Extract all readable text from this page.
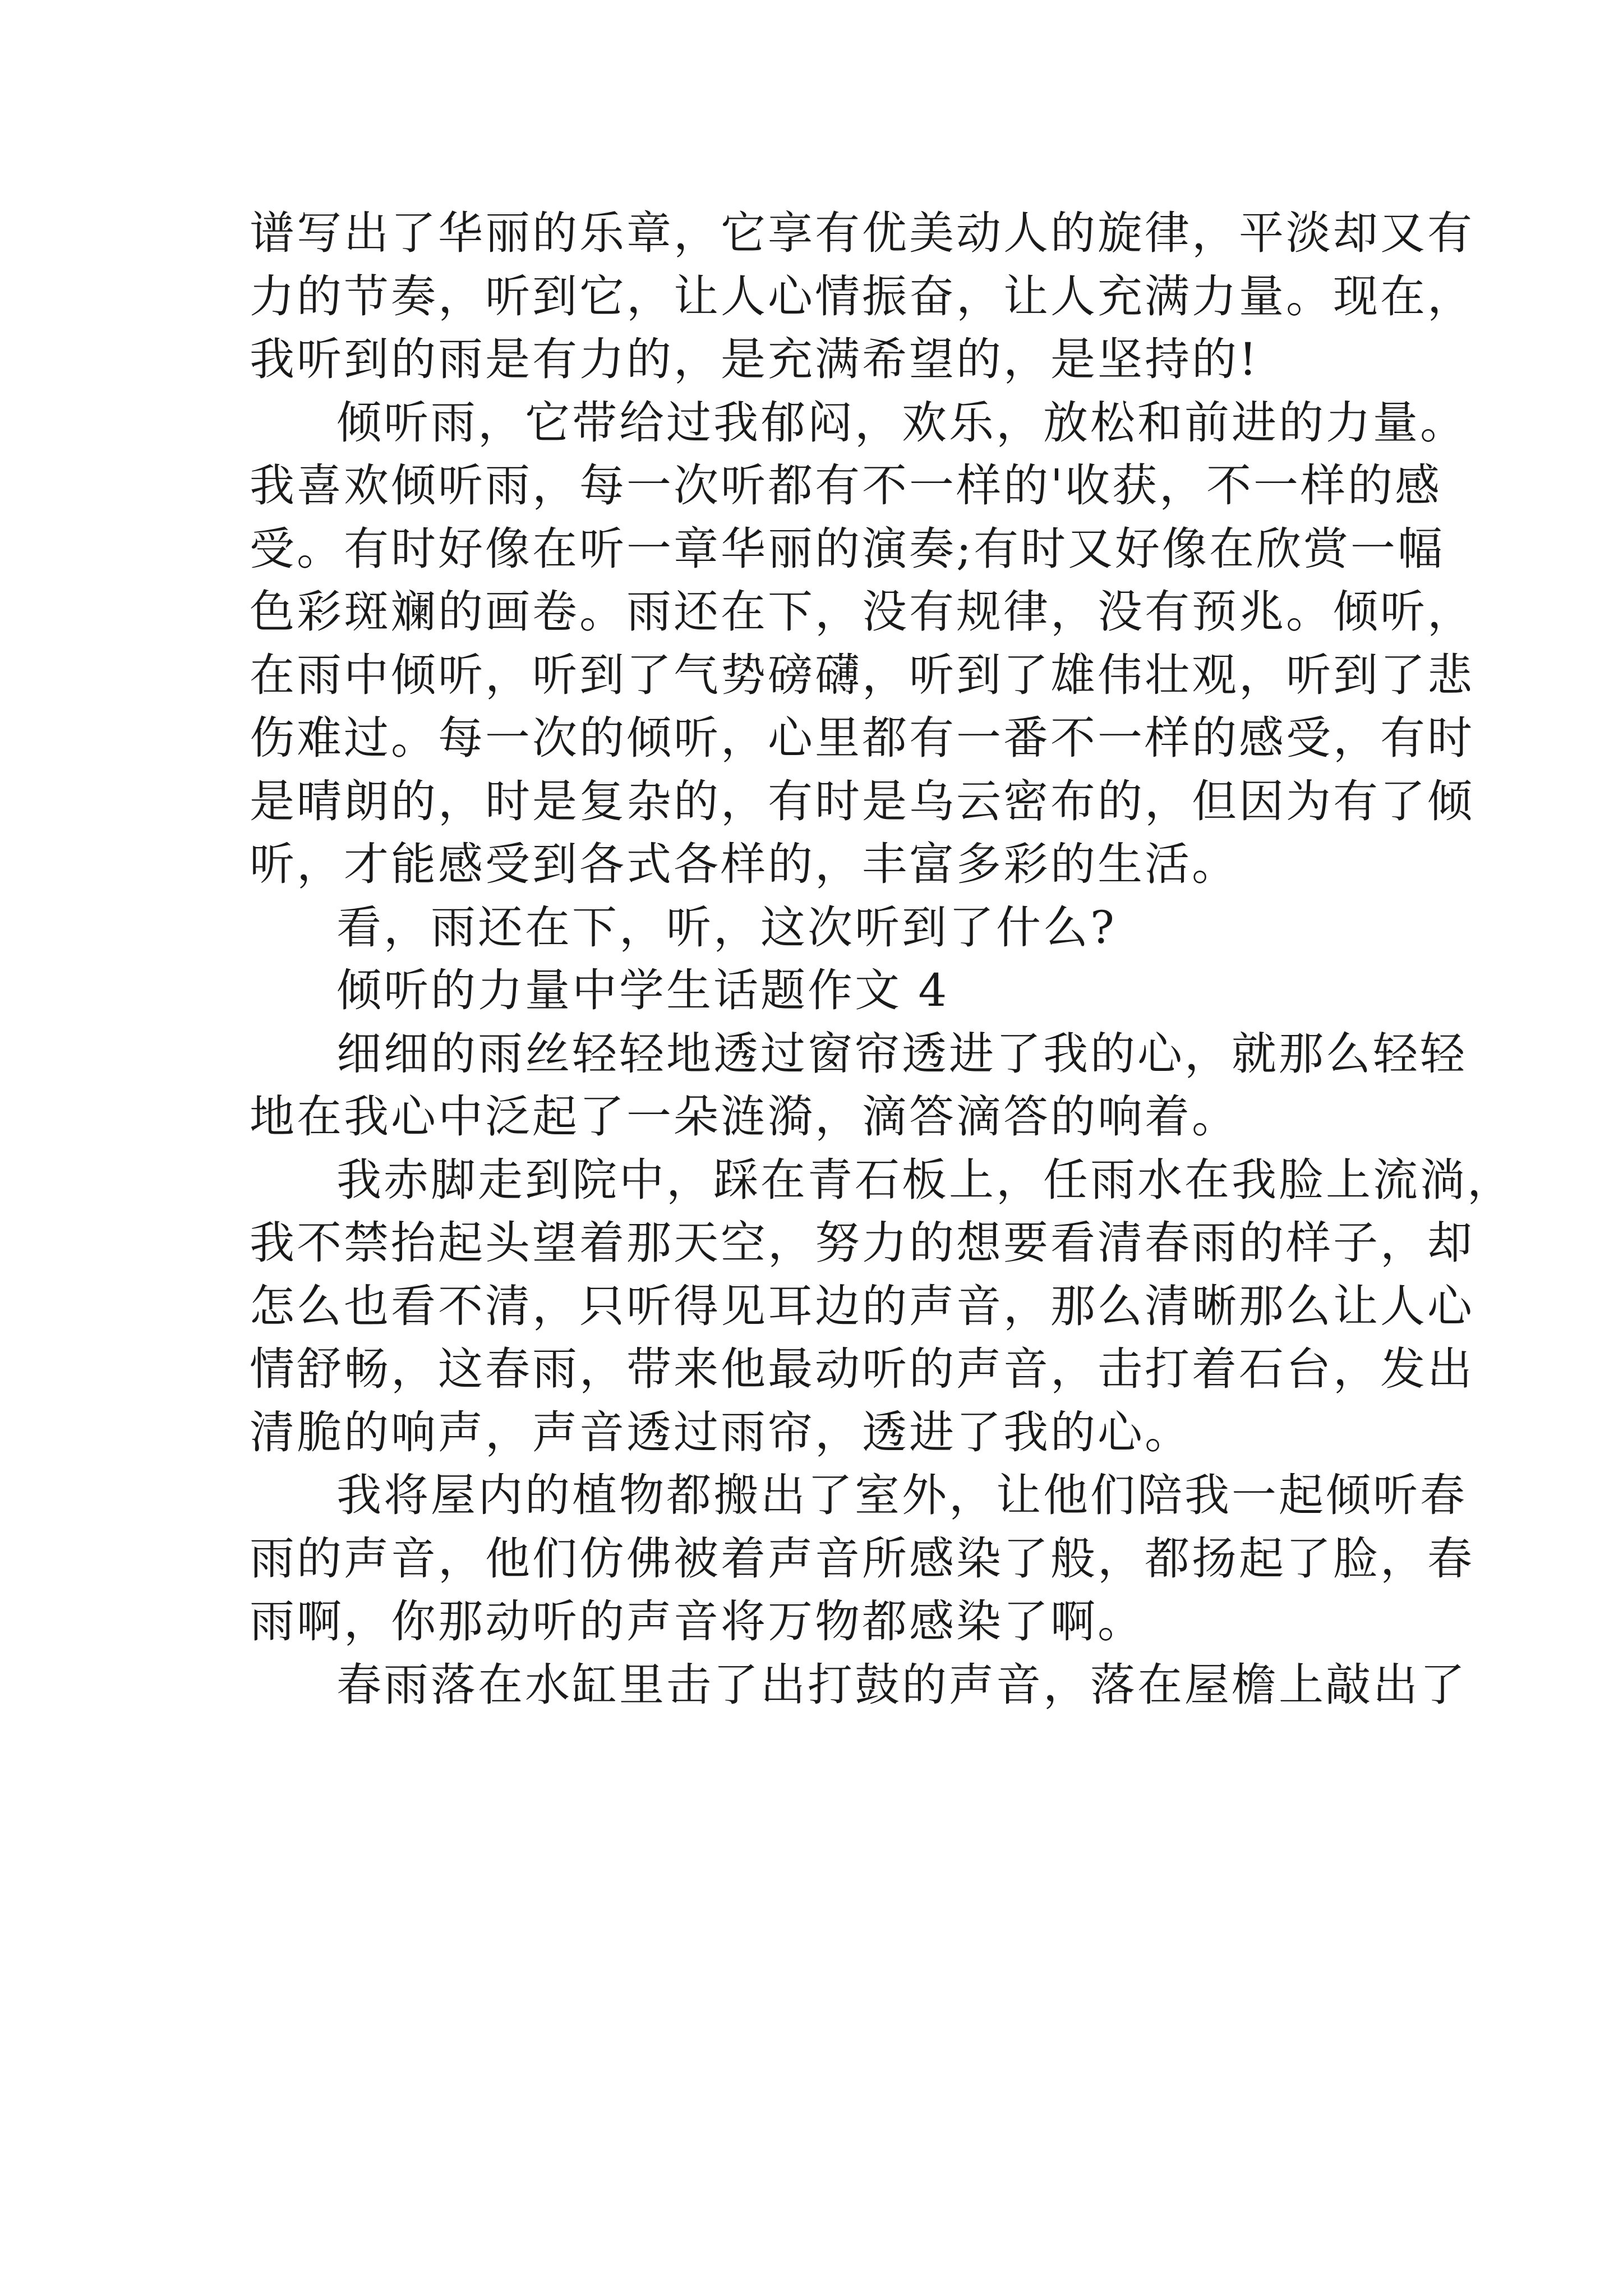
谱写出了华丽的乐章，它享有优美动人的旋律，平淡却又有
力的节奏，听到它，让人心情振奋，让人充满力量。现在，
我听到的雨是有力的，是充满希望的，是坚持的!
倾听雨，它带给过我郁闷，欢乐，放松和前进的力量。
我喜欢倾听雨，每一次听都有不一样的'收获，不一样的感
受。有时好像在听一章华丽的演奏;有时又好像在欣赏一幅
色彩斑斓的画卷。雨还在下，没有规律，没有预兆。倾听，
在雨中倾听，听到了气势磅礴，听到了雄伟壮观，听到了悲
伤难过。每一次的倾听，心里都有一番不一样的感受，有时
是晴朗的，时是复杂的，有时是乌云密布的，但因为有了倾
听，才能感受到各式各样的，丰富多彩的生活。
看，雨还在下，听，这次听到了什么?
倾听的力量中学生话题作文 4
细细的雨丝轻轻地透过窗帘透进了我的心，就那么轻轻
地在我心中泛起了一朵涟漪，滴答滴答的响着。
我赤脚走到院中，踩在青石板上，任雨水在我脸上流淌，
我不禁抬起头望着那天空，努力的想要看清春雨的样子，却
怎么也看不清，只听得见耳边的声音，那么清晰那么让人心
情舒畅，这春雨，带来他最动听的声音，击打着石台，发出
清脆的响声，声音透过雨帘，透进了我的心。
我将屋内的植物都搬出了室外，让他们陪我一起倾听春
雨的声音，他们仿佛被着声音所感染了般，都扬起了脸，春
雨啊，你那动听的声音将万物都感染了啊。
春雨落在水缸里击了出打鼓的声音，落在屋檐上敲出了
